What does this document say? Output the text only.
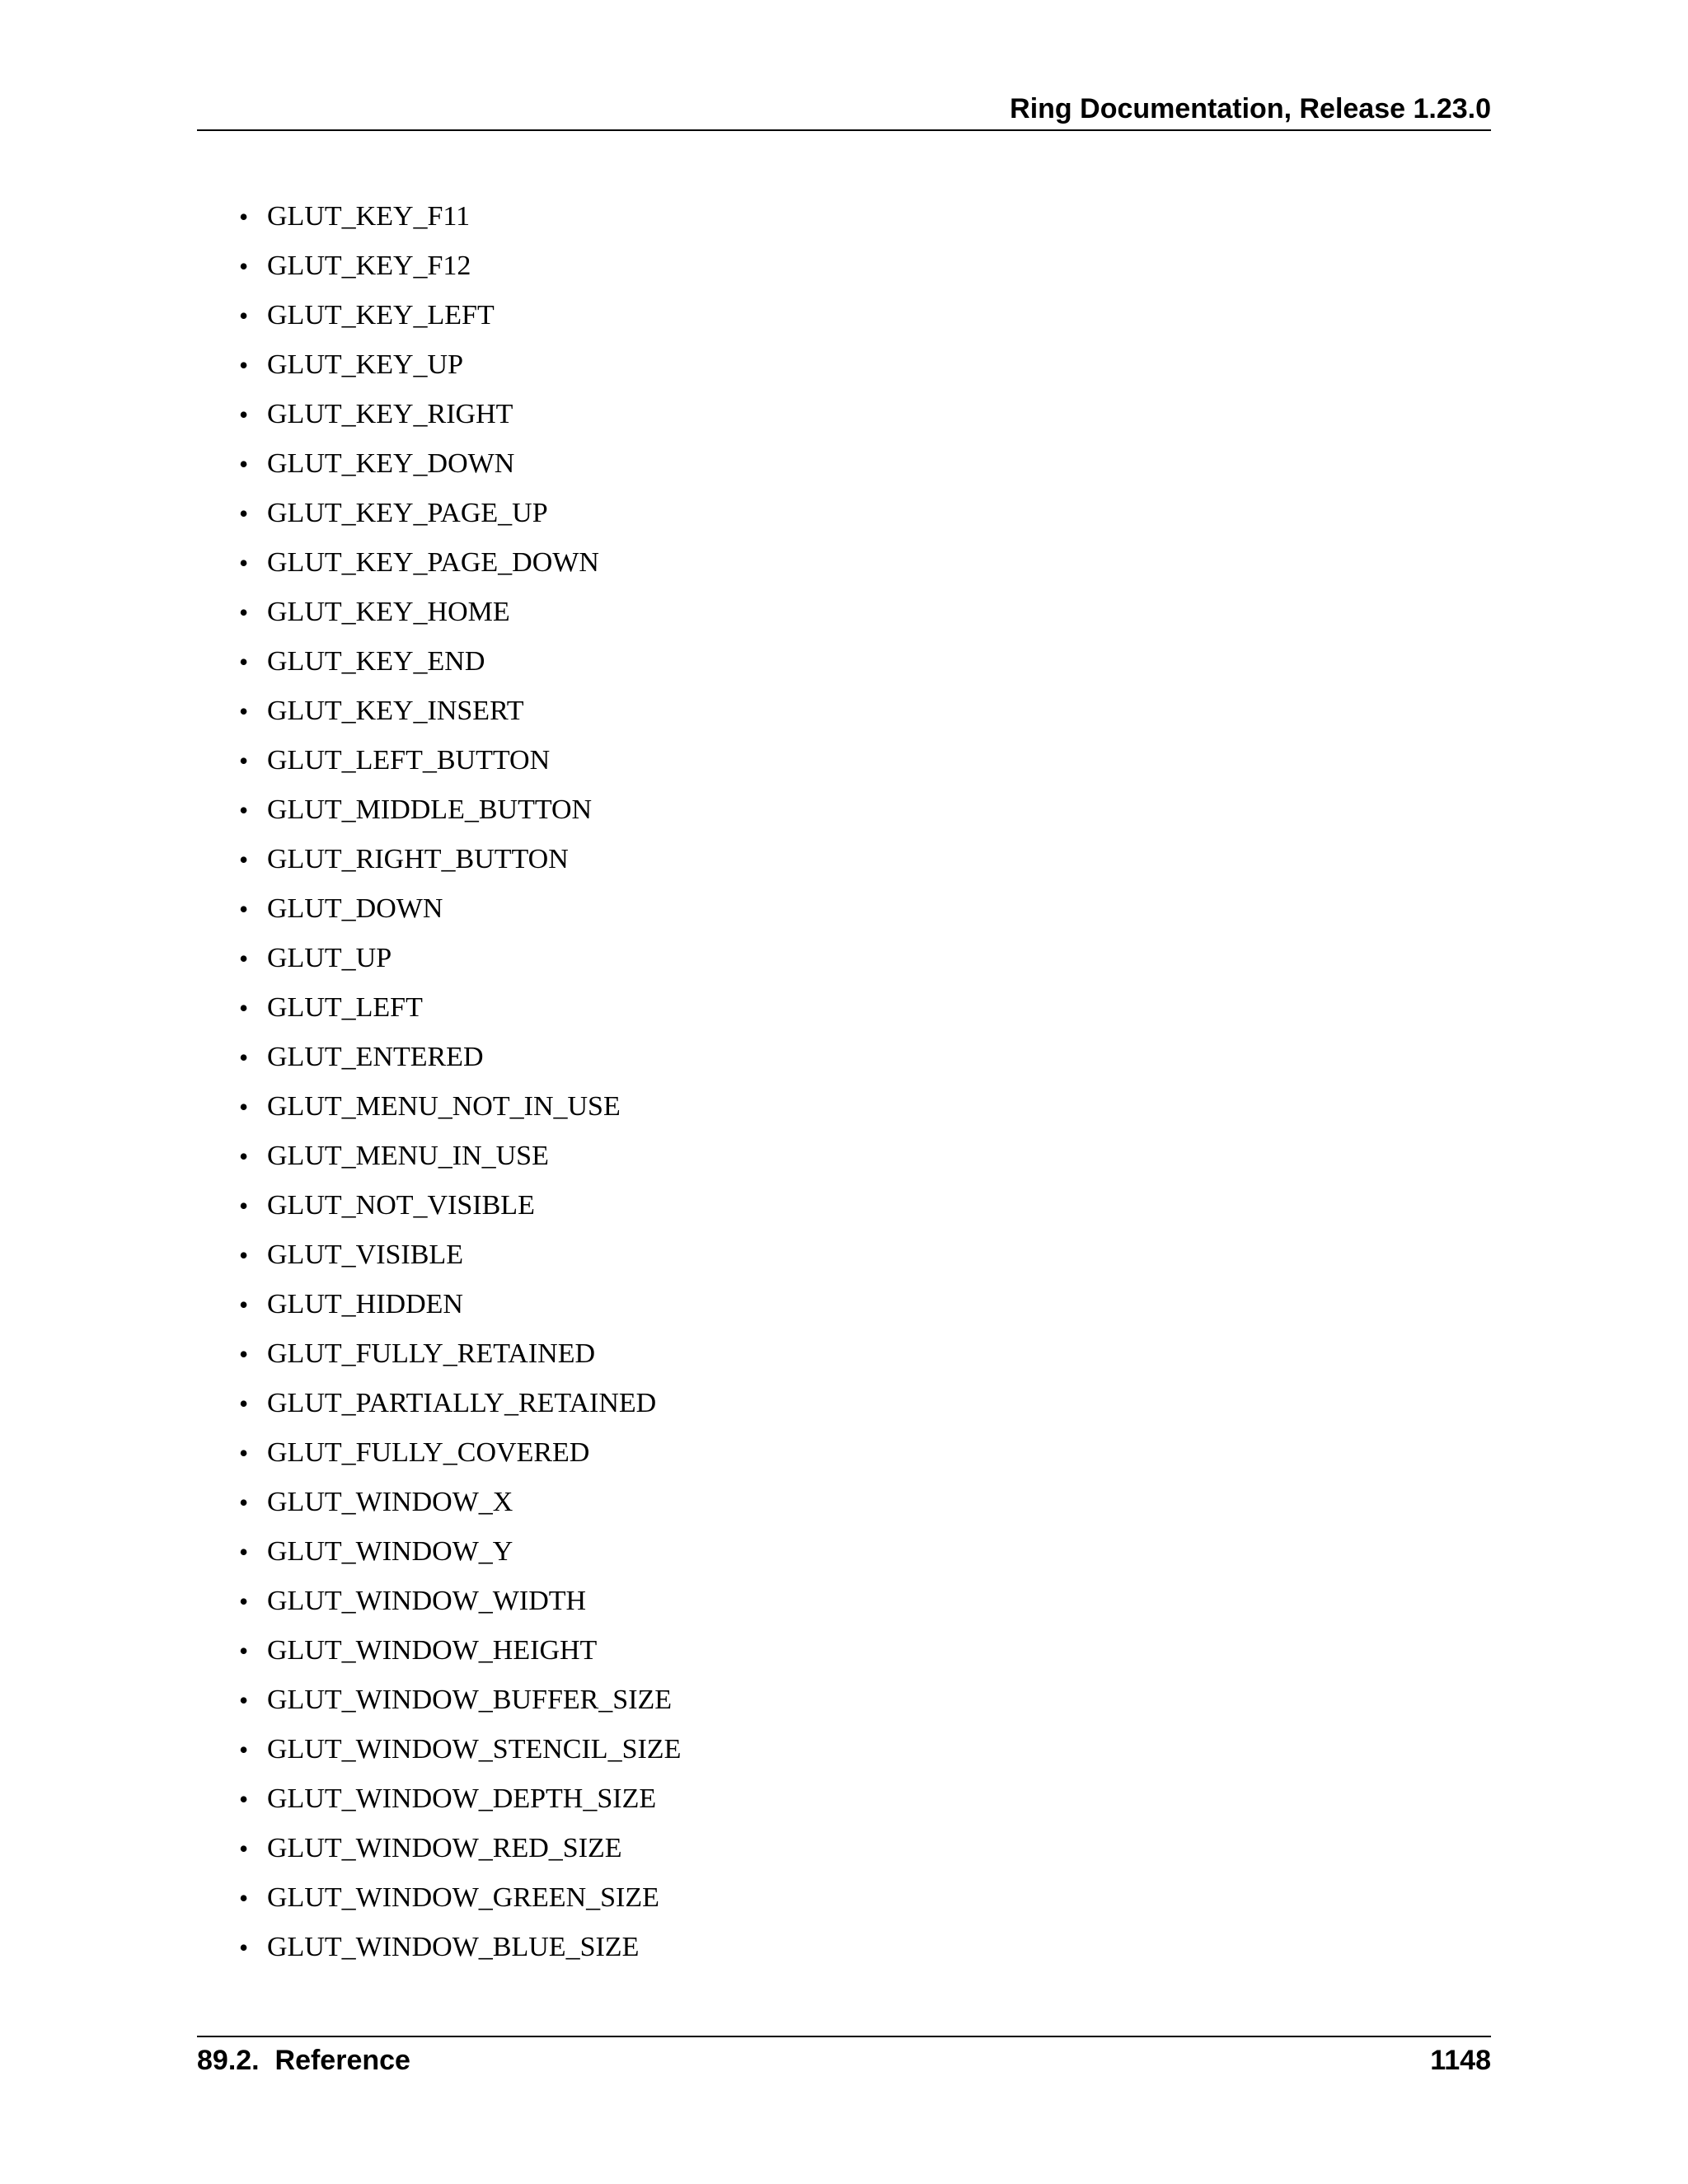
Ring Documentation, Release 1.23.0
• GLUT_KEY_F11
• GLUT_KEY_F12
• GLUT_KEY_LEFT
• GLUT_KEY_UP
• GLUT_KEY_RIGHT
• GLUT_KEY_DOWN
• GLUT_KEY_PAGE_UP
• GLUT_KEY_PAGE_DOWN
• GLUT_KEY_HOME
• GLUT_KEY_END
• GLUT_KEY_INSERT
• GLUT_LEFT_BUTTON
• GLUT_MIDDLE_BUTTON
• GLUT_RIGHT_BUTTON
• GLUT_DOWN
• GLUT_UP
• GLUT_LEFT
• GLUT_ENTERED
• GLUT_MENU_NOT_IN_USE
• GLUT_MENU_IN_USE
• GLUT_NOT_VISIBLE
• GLUT_VISIBLE
• GLUT_HIDDEN
• GLUT_FULLY_RETAINED
• GLUT_PARTIALLY_RETAINED
• GLUT_FULLY_COVERED
• GLUT_WINDOW_X
• GLUT_WINDOW_Y
• GLUT_WINDOW_WIDTH
• GLUT_WINDOW_HEIGHT
• GLUT_WINDOW_BUFFER_SIZE
• GLUT_WINDOW_STENCIL_SIZE
• GLUT_WINDOW_DEPTH_SIZE
• GLUT_WINDOW_RED_SIZE
• GLUT_WINDOW_GREEN_SIZE
• GLUT_WINDOW_BLUE_SIZE
89.2.  Reference	1148
